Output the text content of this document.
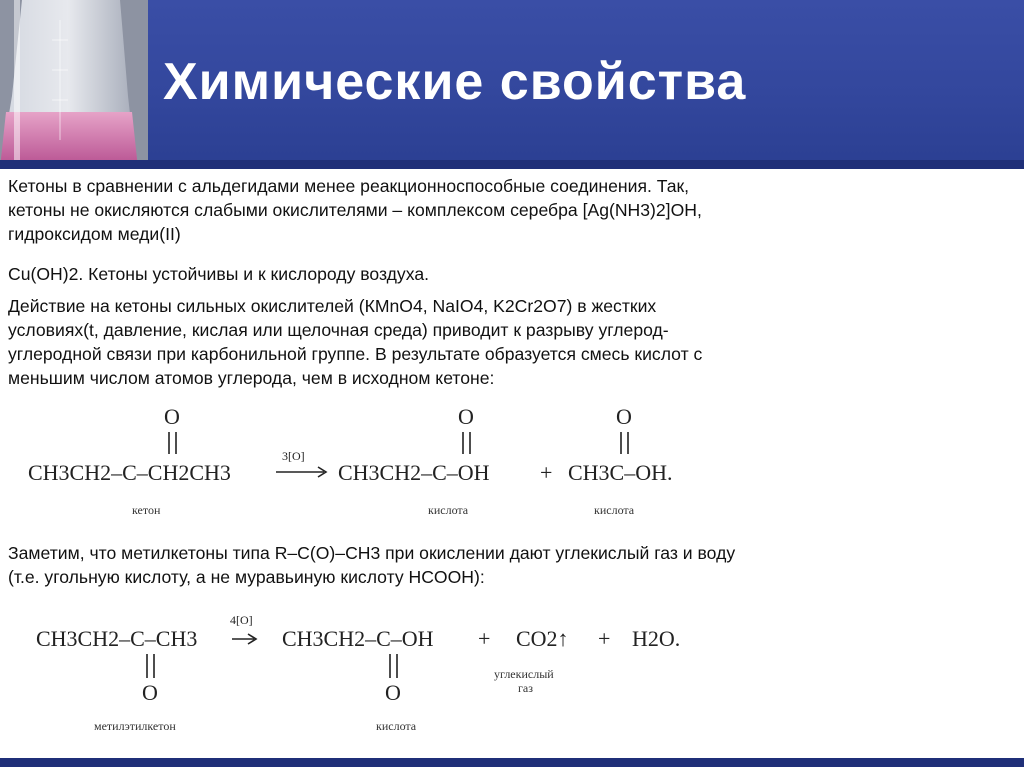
Химические свойства

Кетоны в сравнении с альдегидами менее реакционноспособные соединения. Так,
кетоны не окисляются слабыми окислителями – комплексом серебра [Ag(NH3)2]OH,
гидроксидом меди(II)

Cu(OH)2. Кетоны устойчивы и к кислороду воздуха.

Действие на кетоны сильных окислителей (КМnO4, NaIO4, K2Cr2O7) в жестких
условиях(t, давление, кислая или щелочная среда) приводит к разрыву углерод-
углеродной связи при карбонильной группе. В результате образуется смесь кислот с
меньшим числом атомов углерода, чем в исходном кетоне:

O	O	O
CH3CH2–C–CH2CH3
3[O]
CH3CH2–C–OH + CH3C–OH.
кетон	кислота	кислота

Заметим, что метилкетоны типа R–C(O)–CH3 при окислении дают углекислый газ и воду
(т.е. угольную кислоту, а не муравьиную кислоту HCOOH):

CH3CH2–C–CH3
O
4[O]
CH3CH2–C–OH
O
+ CO2↑ + H2O.
углекислый
газ
метилэтилкетон	кислота
